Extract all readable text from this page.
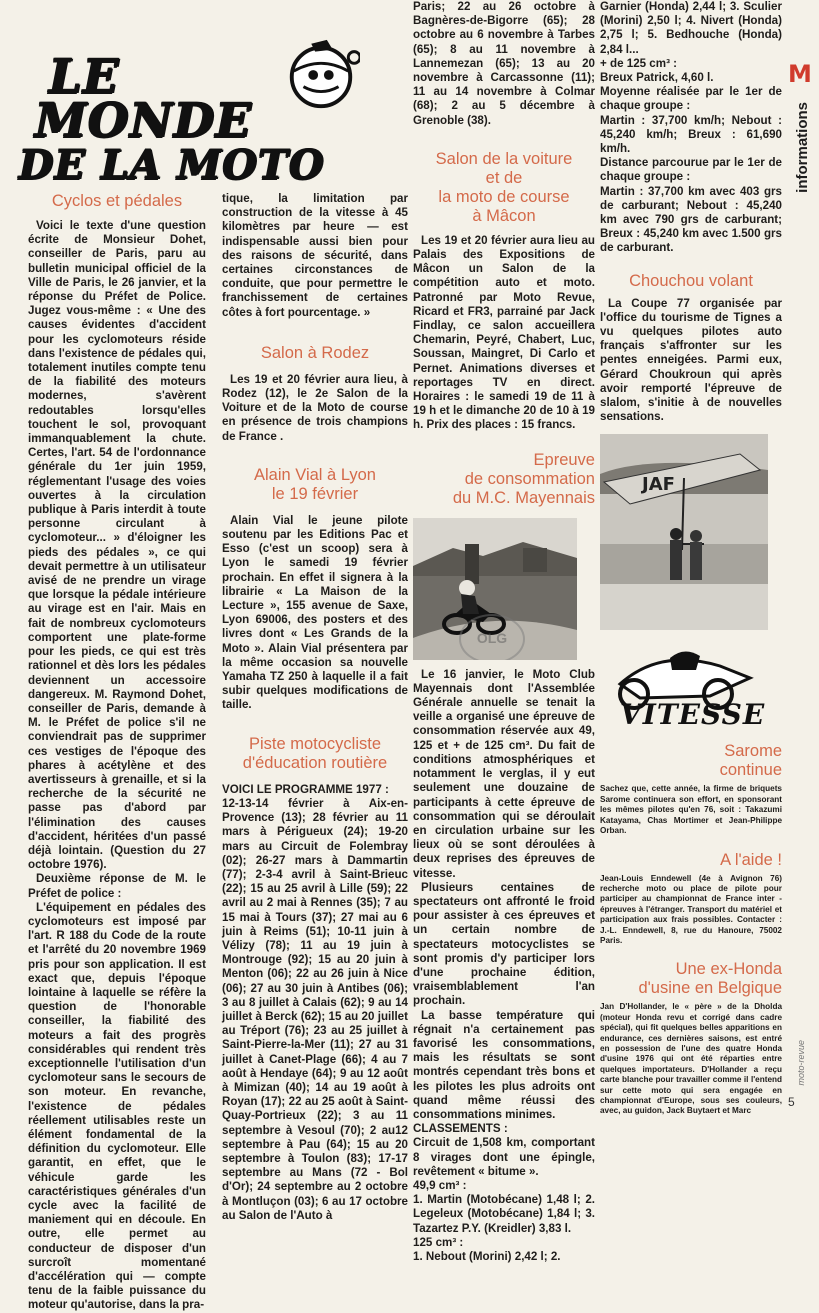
LE
MONDE
DE LA MOTO
M
informations
moto-revue
5
Cyclos et pédales

Voici le texte d'une question écrite de Monsieur Dohet, conseiller de Paris, paru au bulletin municipal officiel de la Ville de Paris, le 26 janvier, et la réponse du Préfet de Police. Jugez vous-même : « Une des causes évidentes d'accident pour les cyclomoteurs réside dans l'existence de pédales qui, totalement inutiles compte tenu de la fiabilité des moteurs modernes, s'avèrent redoutables lorsqu'elles touchent le sol, provoquant immanquablement la chute. Certes, l'art. 54 de l'ordonnance générale du 1er juin 1959, réglementant l'usage des voies ouvertes à la circulation publique à Paris interdit à toute personne circulant à cyclomoteur... » d'éloigner les pieds des pédales », ce qui devait permettre à un utilisateur avisé de ne prendre un virage que lorsque la pédale intérieure au virage est en l'air. Mais en fait de nombreux cyclomoteurs comportent une plate-forme pour les pieds, ce qui est très rationnel et dès lors les pédales deviennent un accessoire dangereux. M. Raymond Dohet, conseiller de Paris, demande à M. le Préfet de police s'il ne conviendrait pas de supprimer ces vestiges de l'époque des phares à acétylène et des avertisseurs à grenaille, et si la recherche de la sécurité ne passe pas d'abord par l'élimination des causes d'accident, héritées d'un passé déjà lointain. (Question du 27 octobre 1976).

Deuxième réponse de M. le Préfet de police :

L'équipement en pédales des cyclomoteurs est imposé par l'art. R 188 du Code de la route et l'arrêté du 20 novembre 1969 pris pour son application. Il est exact que, depuis l'époque lointaine à laquelle se réfère la question de l'honorable conseiller, la fiabilité des moteurs a fait des progrès considérables qui rendent très exceptionnelle l'utilisation d'un cyclomoteur sans le secours de son moteur. En revanche, l'existence de pédales réellement utilisables reste un élément fondamental de la définition du cyclomoteur. Elle garantit, en effet, que le véhicule garde les caractéristiques générales d'un cycle avec la facilité de maniement qui en découle. En outre, elle permet au conducteur de disposer d'un surcroît momentané d'accélération qui — compte tenu de la faible puissance du moteur qu'autorise, dans la pra-

tique, la limitation par construction de la vitesse à 45 kilomètres par heure — est indispensable aussi bien pour des raisons de sécurité, dans certaines circonstances de conduite, que pour permettre le franchissement de certaines côtes à fort pourcentage. »

Salon à Rodez

Les 19 et 20 février aura lieu, à Rodez (12), le 2e Salon de la Voiture et de la Moto de course en présence de trois champions de France .

Alain Vial à Lyon
le 19 février

Alain Vial le jeune pilote soutenu par les Editions Pac et Esso (c'est un scoop) sera à Lyon le samedi 19 février prochain. En effet il signera à la librairie « La Maison de la Lecture », 155 avenue de Saxe, Lyon 69006, des posters et des livres dont « Les Grands de la Moto ». Alain Vial présentera par la même occasion sa nouvelle Yamaha TZ 250 à laquelle il a fait subir quelques modifications de taille.

Piste motocycliste
d'éducation routière

VOICI LE PROGRAMME 1977 :

12-13-14 février à Aix-en-Provence (13); 28 février au 11 mars à Périgueux (24); 19-20 mars au Circuit de Folembray (02); 26-27 mars à Dammartin (77); 2-3-4 avril à Saint-Brieuc (22); 15 au 25 avril à Lille (59); 22 avril au 2 mai à Rennes (35); 7 au 15 mai à Tours (37); 27 mai au 6 juin à Reims (51); 10-11 juin à Vélizy (78); 11 au 19 juin à Montrouge (92); 15 au 20 juin à Menton (06); 22 au 26 juin à Nice (06); 27 au 30 juin à Antibes (06); 3 au 8 juillet à Calais (62); 9 au 14 juillet à Berck (62); 15 au 20 juillet au Tréport (76); 23 au 25 juillet à Saint-Pierre-la-Mer (11); 27 au 31 juillet à Canet-Plage (66); 4 au 7 août à Hendaye (64); 9 au 12 août à Mimizan (40); 14 au 19 août à Royan (17); 22 au 25 août à Saint-Quay-Portrieux (22); 3 au 11 septembre à Vesoul (70); 2 au12 septembre à Pau (64); 15 au 20 septembre à Toulon (83); 17-17 septembre au Mans (72 - Bol d'Or); 24 septembre au 2 octobre à Montluçon (03); 6 au 17 octobre au Salon de l'Auto à

Paris; 22 au 26 octobre à Bagnères-de-Bigorre (65); 28 octobre au 6 novembre à Tarbes (65); 8 au 11 novembre à Lannemezan (65); 13 au 20 novembre à Carcassonne (11); 11 au 14 novembre à Colmar (68); 2 au 5 décembre à Grenoble (38).

Salon de la voiture
et de
la moto de course
à Mâcon

Les 19 et 20 février aura lieu au Palais des Expositions de Mâcon un Salon de la compétition auto et moto. Patronné par Moto Revue, Ricard et FR3, parrainé par Jack Findlay, ce salon accueillera Chemarin, Peyré, Chabert, Luc, Soussan, Maingret, Di Carlo et Pernet. Animations diverses et reportages TV en direct. Horaires : le samedi 19 de 11 à 19 h et le dimanche 20 de 10 à 19 h. Prix des places : 15 francs.

Epreuve
de consommation
du M.C. Mayennais
OLG

Le 16 janvier, le Moto Club Mayennais dont l'Assemblée Générale annuelle se tenait la veille a organisé une épreuve de consommation réservée aux 49, 125 et + de 125 cm³. Du fait de conditions atmosphériques et notamment le verglas, il y eut seulement une douzaine de participants à cette épreuve de consommation qui se déroulait en circulation urbaine sur les lieux où se sont déroulées à deux reprises des épreuves de vitesse.

Plusieurs centaines de spectateurs ont affronté le froid pour assister à ces épreuves et un certain nombre de spectateurs motocyclistes se sont promis d'y participer lors d'une prochaine édition, vraisemblablement l'an prochain.

La basse température qui régnait n'a certainement pas favorisé les consommations, mais les résultats se sont montrés cependant très bons et les pilotes les plus adroits ont quand même réussi des consommations minimes.

CLASSEMENTS :

Circuit de 1,508 km, comportant 8 virages dont une épingle, revêtement « bitume ».

49,9 cm³ :

1. Martin (Motobécane) 1,48 l; 2. Legeleux (Motobécane) 1,84 l; 3. Tazartez P.Y. (Kreidler) 3,83 l.

125 cm³ :

1. Nebout (Morini) 2,42 l; 2.

Garnier (Honda) 2,44 l; 3. Sculier (Morini) 2,50 l; 4. Nivert (Honda) 2,75 l; 5. Bedhouche (Honda) 2,84 l...

+ de 125 cm³ :

Breux Patrick, 4,60 l.

Moyenne réalisée par le 1er de chaque groupe :

Martin : 37,700 km/h; Nebout : 45,240 km/h; Breux : 61,690 km/h.

Distance parcourue par le 1er de chaque groupe :

Martin : 37,700 km avec 403 grs de carburant; Nebout : 45,240 km avec 790 grs de carburant; Breux : 45,240 km avec 1.500 grs de carburant.

Chouchou volant

La Coupe 77 organisée par l'office du tourisme de Tignes a vu quelques pilotes auto français s'affronter sur les pentes enneigées. Parmi eux, Gérard Choukroun qui après avoir remporté l'épreuve de slalom, s'initie à de nouvelles sensations.

JAF
VITESSE
Sarome
continue

Sachez que, cette année, la firme de briquets Sarome continuera son effort, en sponsorant les mêmes pilotes qu'en 76, soit : Takazumi Katayama, Chas Mortimer et Jean-Philippe Orban.

A l'aide !

Jean-Louis Enndewell (4e à Avignon 76) recherche moto ou place de pilote pour participer au championnat de France inter - épreuves à l'étranger. Transport du matériel et participation aux frais possibles. Contacter : J.-L. Enndewell, 8, rue du Hanoure, 75002 Paris.

Une ex-Honda
d'usine en Belgique

Jan D'Hollander, le « père » de la Dholda (moteur Honda revu et corrigé dans cadre spécial), qui fit quelques belles apparitions en endurance, ces dernières saisons, est entré en possession de l'une des quatre Honda d'usine 1976 qui ont été réparties entre quelques importateurs. D'Hollander a reçu carte blanche pour travailler comme il l'entend sur cette moto qui sera engagée en championnat d'Europe, sous ses couleurs, avec, au guidon, Jack Buytaert et Marc
